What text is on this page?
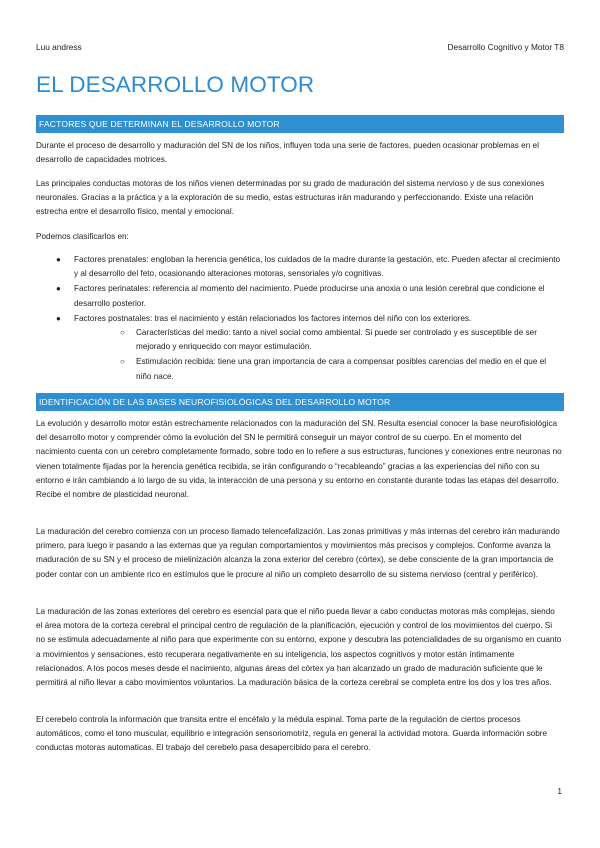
Luu andress	Desarrollo Cognitivo y Motor T8
EL DESARROLLO MOTOR
FACTORES QUE DETERMINAN EL DESARROLLO MOTOR

Durante el proceso de desarrollo y maduración del SN de los niños, influyen toda una serie de factores, pueden ocasionar problemas en el desarrollo de capacidades motrices.

Las principales conductas motoras de los niños vienen determinadas por su grado de maduración del sistema nervioso y de sus conexiones neuronales. Gracias a la práctica y a la exploración de su medio, estas estructuras irán madurando y perfeccionando. Existe una relación estrecha entre el desarrollo físico, mental y emocional.

Podemos clasificarlos en:

● Factores prenatales: engloban la herencia genética, los cuidados de la madre durante la gestación, etc. Pueden afectar al crecimiento y al desarrollo del feto, ocasionando alteraciones motoras, sensoriales y/o cognitivas.
● Factores perinatales: referencia al momento del nacimiento. Puede producirse una anoxia o una lesión cerebral que condicione el desarrollo posterior.
● Factores postnatales: tras el nacimiento y están relacionados los factores internos del niño con los exteriores.
○ Características del medio: tanto a nivel social como ambiental. Si puede ser controlado y es susceptible de ser mejorado y enriquecido con mayor estimulación.
○ Estimulación recibida: tiene una gran importancia de cara a compensar posibles carencias del medio en el que el niño nace.
IDENTIFICACIÓN DE LAS BASES NEUROFISIOLÓGICAS DEL DESARROLLO MOTOR

La evolución y desarrollo motor están estrechamente relacionados con la maduración del SN. Resulta esencial conocer la base neurofisiológica del desarrollo motor y comprender cómo la evolución del SN le permitirá conseguir un mayor control de su cuerpo. En el momento del nacimiento cuenta con un cerebro completamente formado, sobre todo en lo refiere a sus estructuras, funciones y conexiones entre neuronas no vienen totalmente fijadas por la herencia genética recibida, se irán configurando o “recableando” gracias a las experiencias del niño con su entorno e irán cambiando a lo largo de su vida, la interacción de una persona y su entorno en constante durante todas las etapas del desarrollo. Recibe el nombre de plasticidad neuronal.

La maduración del cerebro comienza con un proceso llamado telencefalización. Las zonas primitivas y más internas del cerebro irán madurando primero, para luego ir pasando a las externas que ya regulan comportamientos y movimientos más precisos y complejos. Conforme avanza la maduración de su SN y el proceso de mielinización alcanza la zona exterior del cerebro (córtex), se debe consciente de la gran importancia de poder contar con un ambiente rico en estímulos que le procure al niño un completo desarrollo de su sistema nervioso (central y periférico).

La maduración de las zonas exteriores del cerebro es esencial para que el niño pueda llevar a cabo conductas motoras más complejas, siendo el área motora de la corteza cerebral el principal centro de regulación de la planificación, ejecución y control de los movimientos del cuerpo. Si no se estimula adecuadamente al niño para que experimente con su entorno, expone y descubra las potencialidades de su organismo en cuanto a movimientos y sensaciones, esto recuperara negativamente en su inteligencia, los aspectos cognitivos y motor están íntimamente relacionados. A los pocos meses desde el nacimiento, algunas áreas del córtex ya han alcanzado un grado de maduración suficiente que le permitirá al niño llevar a cabo movimientos voluntarios. La maduración básica de la corteza cerebral se completa entre los dos y los tres años.

El cerebelo controla la información que transita entre el encéfalo y la médula espinal. Toma parte de la regulación de ciertos procesos automáticos, como el tono muscular, equilibrio e integración sensoriomotriz, regula en general la actividad motora. Guarda información sobre conductas motoras automaticas. El trabajo del cerebelo pasa desapercibido para el cerebro.

1
